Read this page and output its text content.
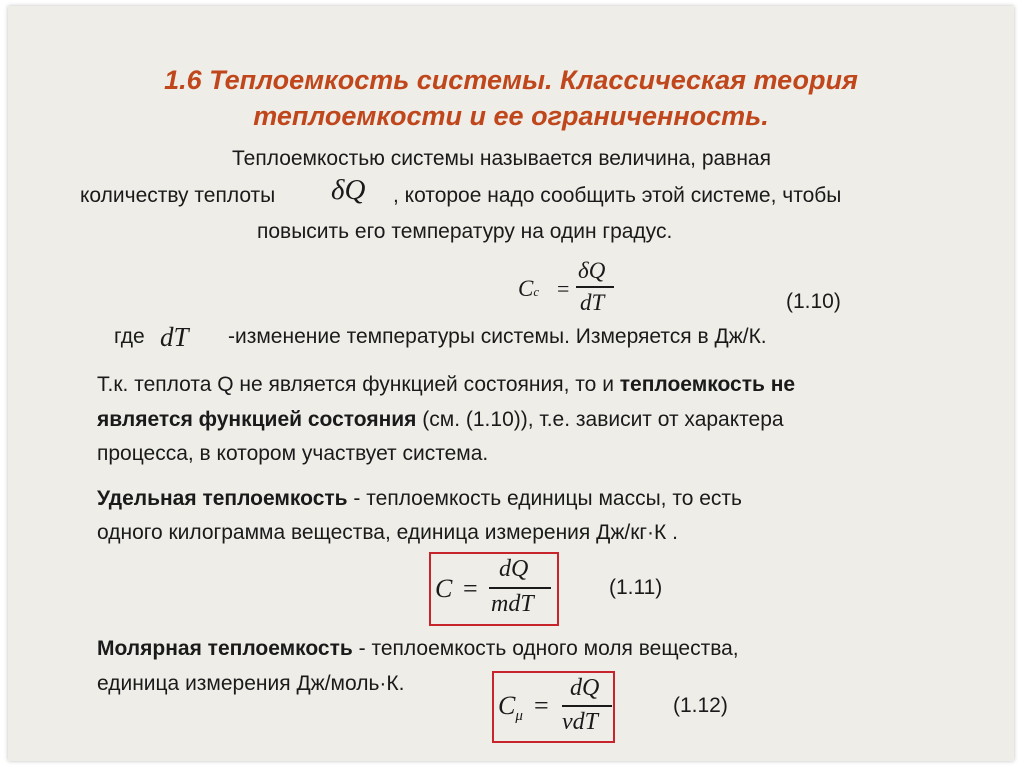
1.6 Теплоемкость системы. Классическая теория
теплоемкости и ее ограниченность.
Теплоемкостью системы называется величина, равная
количеству теплоты δQ , которое надо сообщить этой системе, чтобы
повысить его температуру на один градус.
Cc =
δQ
dT	(1.10)
где dT -изменение температуры системы. Измеряется в Дж/К.
Т.к. теплота Q не является функцией состояния, то и теплоемкость не
является функцией состояния (см. (1.10)), т.е. зависит от характера
процесса, в котором участвует система.
Удельная теплоемкость - теплоемкость единицы массы, то есть
одного килограмма вещества, единица измерения Дж/кг·К .
C =
dQ
mdT
(1.11)
Молярная теплоемкость - теплоемкость одного моля вещества,
единица измерения Дж/моль·К.
$C_\mu$ =
dQ
νdT
(1.12)
